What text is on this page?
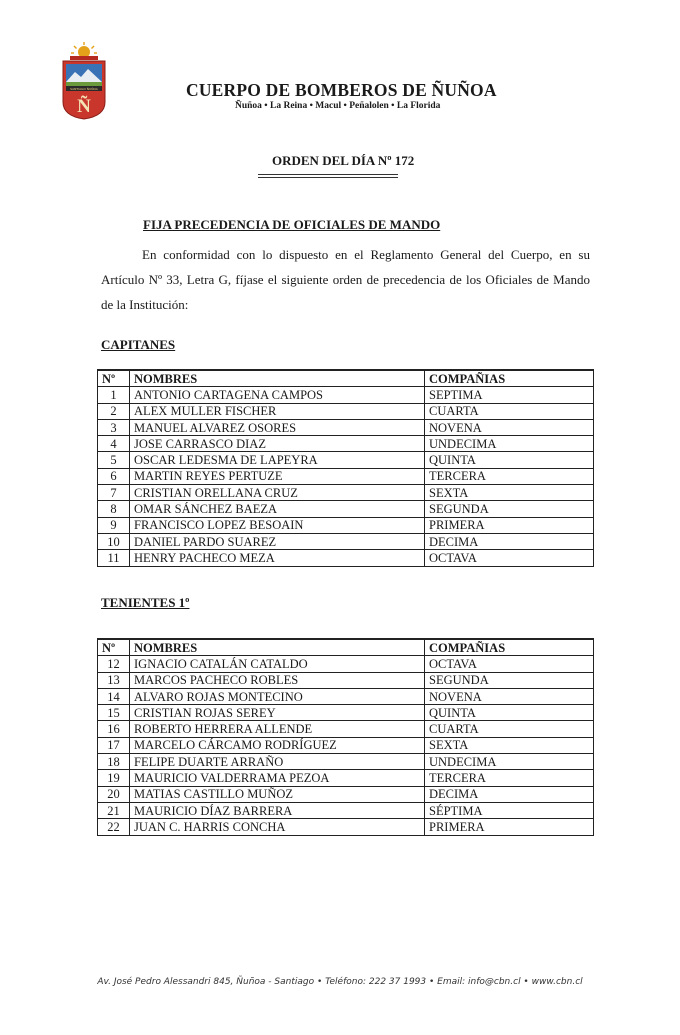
SANTIAGO ÑUÑOA
Ñ
CUERPO DE BOMBEROS DE ÑUÑOA
Ñuñoa • La Reina • Macul • Peñalolen • La Florida
ORDEN DEL DÍA Nº 172
FIJA PRECEDENCIA DE OFICIALES DE MANDO

En conformidad con lo dispuesto en el Reglamento General del Cuerpo, en su Artículo Nº 33, Letra G, fíjase el siguiente orden de precedencia de los Oficiales de Mando de la Institución:

CAPITANES
Nº	NOMBRES	COMPAÑIAS
1	ANTONIO CARTAGENA CAMPOS	SEPTIMA
2	ALEX MULLER FISCHER	CUARTA
3	MANUEL ALVAREZ OSORES	NOVENA
4	JOSE CARRASCO DIAZ	UNDECIMA
5	OSCAR LEDESMA DE LAPEYRA	QUINTA
6	MARTIN REYES PERTUZE	TERCERA
7	CRISTIAN ORELLANA CRUZ	SEXTA
8	OMAR SÁNCHEZ BAEZA	SEGUNDA
9	FRANCISCO LOPEZ BESOAIN	PRIMERA
10	DANIEL PARDO SUAREZ	DECIMA
11	HENRY PACHECO MEZA	OCTAVA
TENIENTES 1º
Nº	NOMBRES	COMPAÑIAS
12	IGNACIO CATALÁN CATALDO	OCTAVA
13	MARCOS PACHECO ROBLES	SEGUNDA
14	ALVARO ROJAS MONTECINO	NOVENA
15	CRISTIAN ROJAS SEREY	QUINTA
16	ROBERTO HERRERA ALLENDE	CUARTA
17	MARCELO CÁRCAMO RODRÍGUEZ	SEXTA
18	FELIPE DUARTE ARRAÑO	UNDECIMA
19	MAURICIO VALDERRAMA PEZOA	TERCERA
20	MATIAS CASTILLO MUÑOZ	DECIMA
21	MAURICIO DÍAZ BARRERA	SÉPTIMA
22	JUAN C. HARRIS CONCHA	PRIMERA
Av. José Pedro Alessandri 845, Ñuñoa - Santiago • Teléfono: 222 37 1993 • Email: info@cbn.cl • www.cbn.cl
